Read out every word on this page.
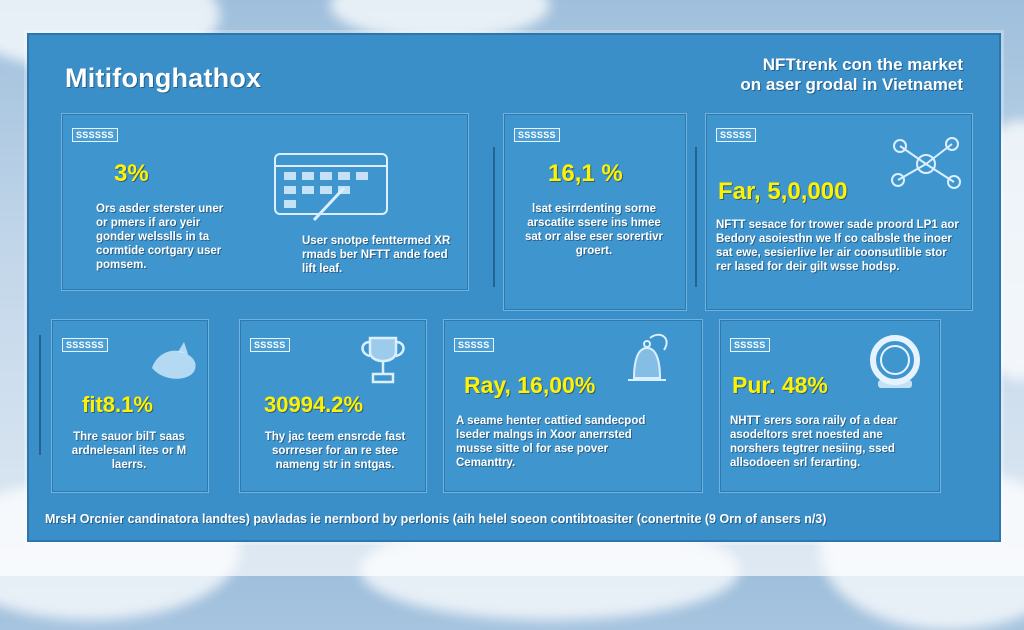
Mitifonghathox	NFTtrenk con the market
on aser grodal in Vietnamet
SSSSSS
3%
Ors asder sterster uner or pmers if aro yeir gonder welsslls in ta cormtide cortgary user pomsem.
User snotpe fenttermed XR rmads ber NFTT ande foed lift leaf.
SSSSSS
16,1 %
lsat esirrdenting sorne arscatite ssere ins hmee sat orr alse eser sorertivr groert.
SSSSS
Far, 5,0,000
NFTT sesace for trower sade proord LP1 aor Bedory asoiesthn we If co calbsle the inoer sat ewe, sesierlive ler air coonsutlible stor rer lased for deir gilt wsse hodsp.
SSSSSS
fit8.1%
Thre sauor bilT saas ardnelesanl ites or M laerrs.
SSSSS
30994.2%
Thy jac teem ensrcde fast sorrreser for an re stee nameng str in sntgas.
SSSSS
Ray, 16,00%
A seame henter cattied sandecpod lseder malngs in Xoor anerrsted musse sitte ol for ase pover Cemanttry.
SSSSS
Pur. 48%
NHTT srers sora raily of a dear asodeltors sret noested ane norshers tegtrer nesiing, ssed allsodoeen srl ferarting.
MrsH Orcnier candinatora landtes) pavladas ie nernbord by perlonis (aih helel soeon contibtoasiter (conertnite (9 Orn of ansers n/3)
